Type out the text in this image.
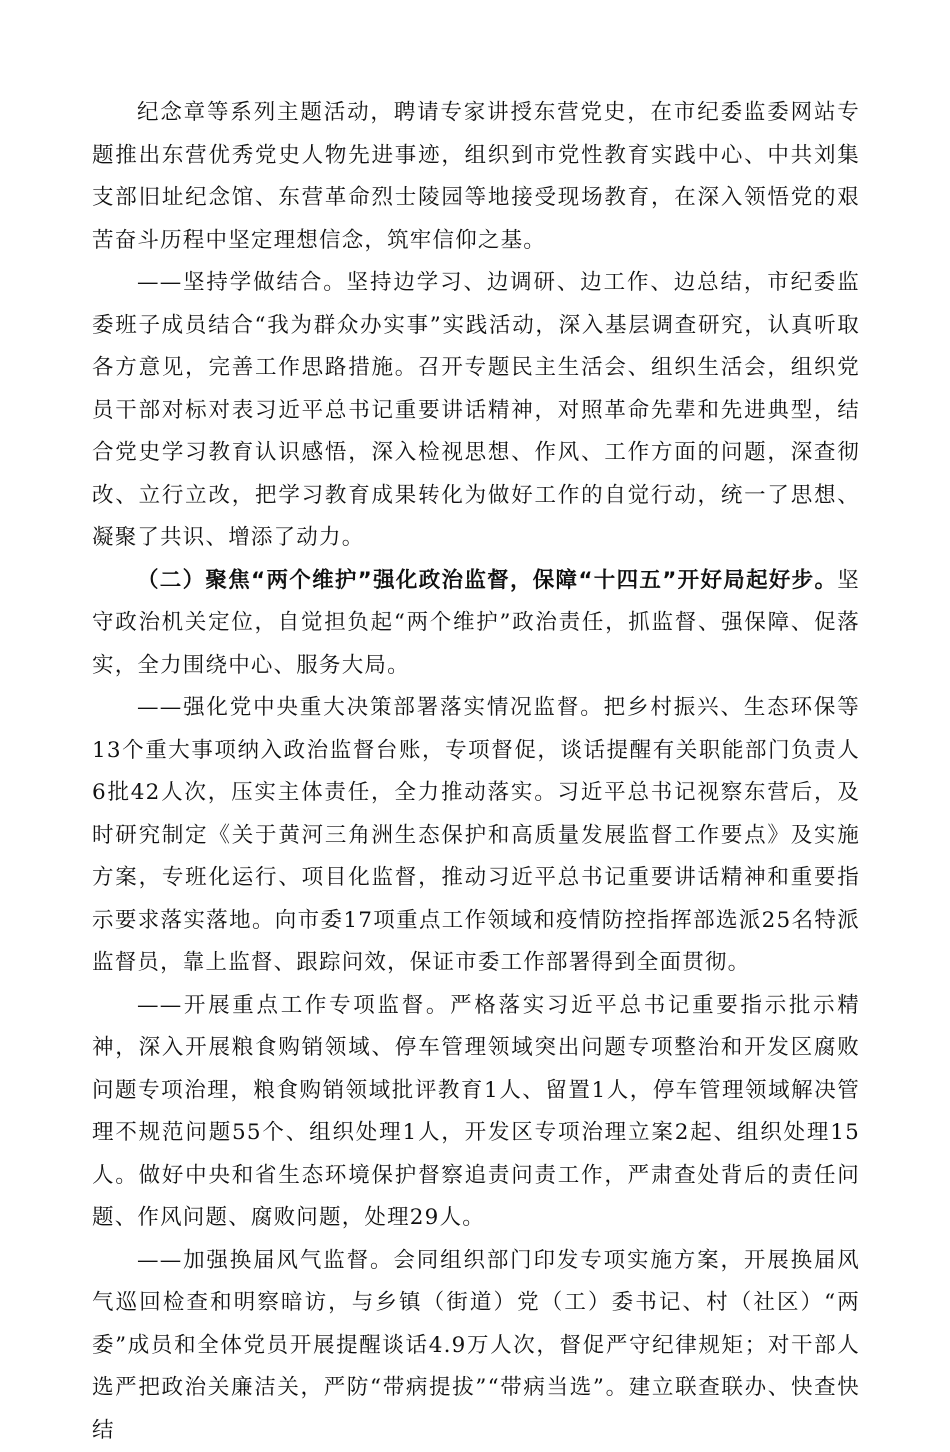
纪念章等系列主题活动，聘请专家讲授东营党史，在市纪委监委网站专题推出东营优秀党史人物先进事迹，组织到市党性教育实践中心、中共刘集支部旧址纪念馆、东营革命烈士陵园等地接受现场教育，在深入领悟党的艰苦奋斗历程中坚定理想信念，筑牢信仰之基。

——坚持学做结合。坚持边学习、边调研、边工作、边总结，市纪委监委班子成员结合“我为群众办实事”实践活动，深入基层调查研究，认真听取各方意见，完善工作思路措施。召开专题民主生活会、组织生活会，组织党员干部对标对表习近平总书记重要讲话精神，对照革命先辈和先进典型，结合党史学习教育认识感悟，深入检视思想、作风、工作方面的问题，深查彻改、立行立改，把学习教育成果转化为做好工作的自觉行动，统一了思想、凝聚了共识、增添了动力。

（二）聚焦“两个维护”强化政治监督，保障“十四五”开好局起好步。坚守政治机关定位，自觉担负起“两个维护”政治责任，抓监督、强保障、促落实，全力围绕中心、服务大局。

——强化党中央重大决策部署落实情况监督。把乡村振兴、生态环保等13个重大事项纳入政治监督台账，专项督促，谈话提醒有关职能部门负责人6批42人次，压实主体责任，全力推动落实。习近平总书记视察东营后，及时研究制定《关于黄河三角洲生态保护和高质量发展监督工作要点》及实施方案，专班化运行、项目化监督，推动习近平总书记重要讲话精神和重要指示要求落实落地。向市委17项重点工作领域和疫情防控指挥部选派25名特派监督员，靠上监督、跟踪问效，保证市委工作部署得到全面贯彻。

——开展重点工作专项监督。严格落实习近平总书记重要指示批示精神，深入开展粮食购销领域、停车管理领域突出问题专项整治和开发区腐败问题专项治理，粮食购销领域批评教育1人、留置1人，停车管理领域解决管理不规范问题55个、组织处理1人，开发区专项治理立案2起、组织处理15人。做好中央和省生态环境保护督察追责问责工作，严肃查处背后的责任问题、作风问题、腐败问题，处理29人。

——加强换届风气监督。会同组织部门印发专项实施方案，开展换届风气巡回检查和明察暗访，与乡镇（街道）党（工）委书记、村（社区）“两委”成员和全体党员开展提醒谈话4.9万人次，督促严守纪律规矩；对干部人选严把政治关廉洁关，严防“带病提拔”“带病当选”。建立联查联办、快查快结
